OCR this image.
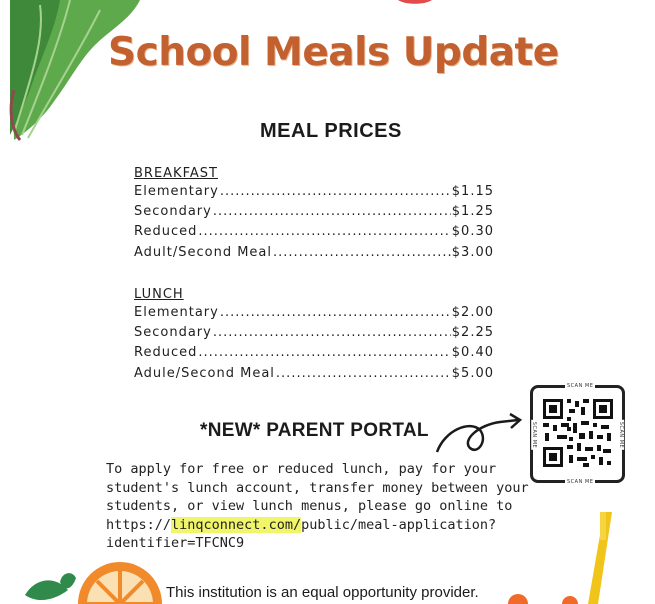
School Meals Update
MEAL PRICES
BREAKFAST
Elementary .....	$1.15
Secondary .....	$1.25
Reduced .....	$0.30
Adult/Second Meal .....	$3.00
LUNCH
Elementary .....	$2.00
Secondary .....	$2.25
Reduced .....	$0.40
Adule/Second Meal .....	$5.00
*NEW* PARENT PORTAL
SCAN ME
SCAN ME
SCAN ME	SCAN ME
To apply for free or reduced lunch, pay for your
student's lunch account, transfer money between your
students, or view lunch menus, please go online to
https://linqconnect.com/public/meal-application?
identifier=TFCNC9
This institution is an equal opportunity provider.
